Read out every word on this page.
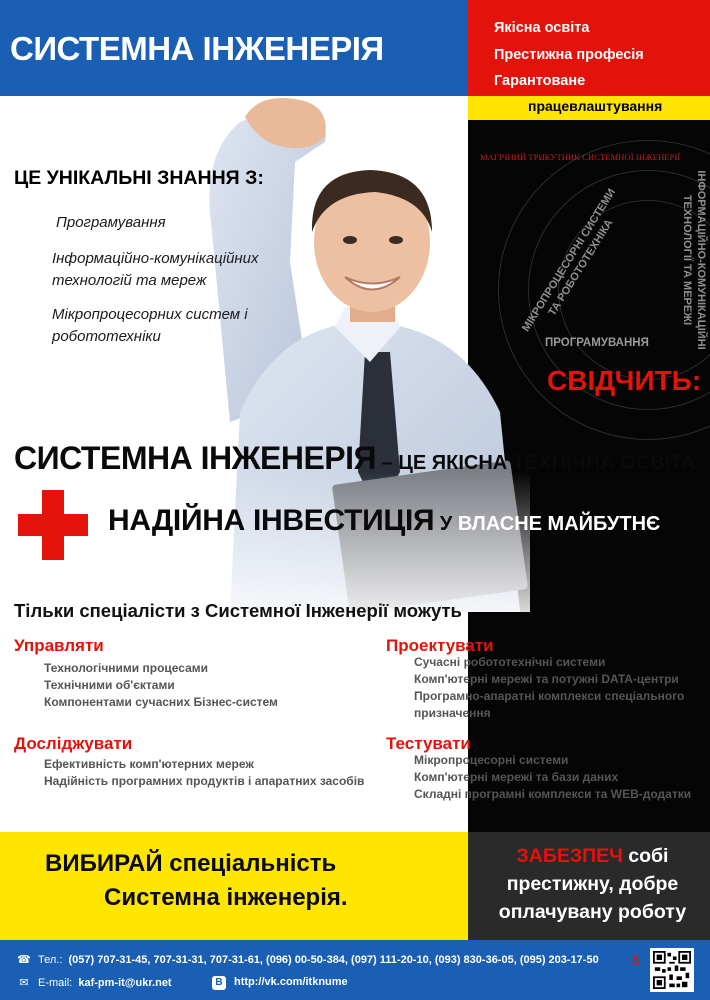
СИСТЕМНА ІНЖЕНЕРІЯ
Якісна освіта
Престижна професія
Гарантоване
працевлаштування
ЦЕ УНІКАЛЬНІ ЗНАННЯ З:
Програмування
Інформаційно-комунікаційних технологій та мереж
Мікропроцесорних систем і робототехніки
МАГІЧНИЙ ТРИКУТНИК СИСТЕМНОЇ ІНЖЕНЕРІЇ
МІКРОПРОЦЕСОРНІ СИСТЕМИ
ТА РОБОТОТЕХНІКА	ІНФОРМАЦІЙНО-КОМУНІКАЦІЙНІ
ТЕХНОЛОГІЇ ТА МЕРЕЖІ
ПРОГРАМУВАННЯ
СВІДЧИТЬ:
СИСТЕМНА ІНЖЕНЕРІЯ – ЦЕ ЯКІСНА ТЕХНІЧНА ОСВІТА
НАДІЙНА ІНВЕСТИЦІЯ У ВЛАСНЕ МАЙБУТНЄ
Тільки спеціалісти з Системної Інженерії можуть
Управляти
Технологічними процесами
Технічними об'єктами
Компонентами сучасних Бізнес-систем
Досліджувати
Ефективність комп'ютерних мереж
Надійність програмних продуктів і апаратних засобів
Проектувати
Сучасні робототехнічні системи
Комп'ютерні мережі та потужні DATA-центри
Програмно-апаратні комплекси спеціального
призначення
Тестувати
Мікропроцесорні системи
Комп'ютерні мережі та бази даних
Складні програмні комплекси та WEB-додатки
ВИБИРАЙ спеціальність
Системна інженерія.
ЗАБЕЗПЕЧ собі
престижну, добре
оплачувану роботу
☎ Тел.: (057) 707-31-45, 707-31-31, 707-31-61, (096) 00-50-384, (097) 111-20-10, (093) 830-36-05, (095) 203-17-50
✉ E-mail: kaf-pm-it@ukr.net	В http://vk.com/itknume
§
